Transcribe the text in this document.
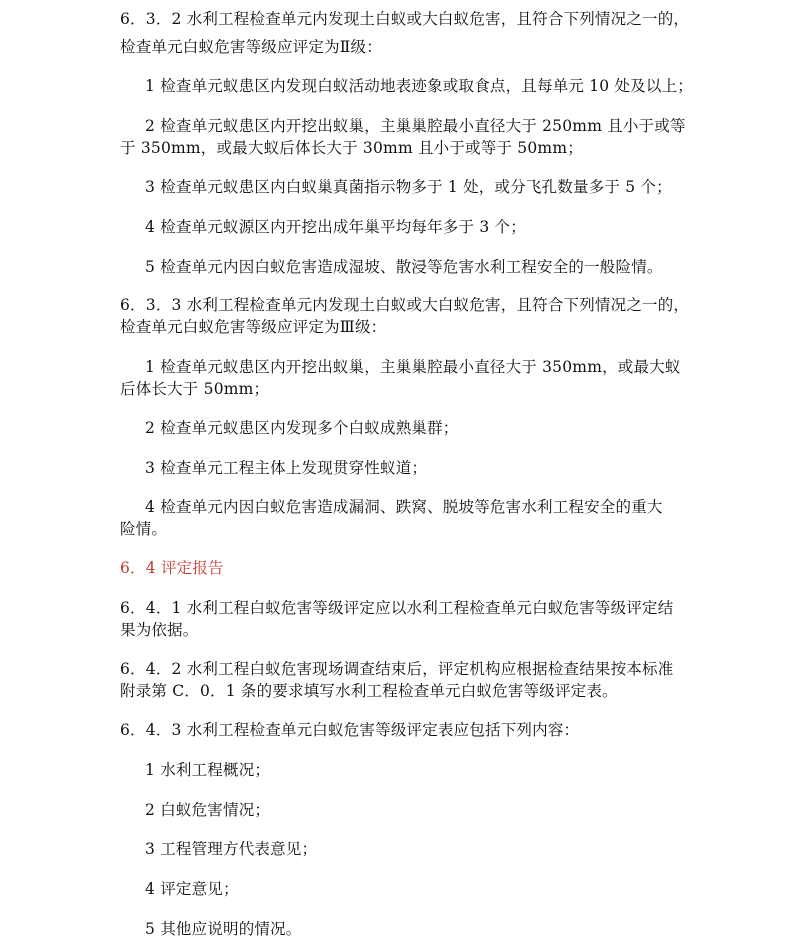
6．3．2 水利工程检查单元内发现土白蚁或大白蚁危害，且符合下列情况之一的，
检查单元白蚁危害等级应评定为Ⅱ级：
1 检查单元蚁患区内发现白蚁活动地表迹象或取食点，且每单元 10 处及以上；
2 检查单元蚁患区内开挖出蚁巢，主巢巢腔最小直径大于 250mm 且小于或等
于 350mm，或最大蚁后体长大于 30mm 且小于或等于 50mm；
3 检查单元蚁患区内白蚁巢真菌指示物多于 1 处，或分飞孔数量多于 5 个；
4 检查单元蚁源区内开挖出成年巢平均每年多于 3 个；
5 检查单元内因白蚁危害造成湿坡、散浸等危害水利工程安全的一般险情。
6．3．3 水利工程检查单元内发现土白蚁或大白蚁危害，且符合下列情况之一的，
检查单元白蚁危害等级应评定为Ⅲ级：
1 检查单元蚁患区内开挖出蚁巢，主巢巢腔最小直径大于 350mm，或最大蚁
后体长大于 50mm；
2 检查单元蚁患区内发现多个白蚁成熟巢群；
3 检查单元工程主体上发现贯穿性蚁道；
4 检查单元内因白蚁危害造成漏洞、跌窝、脱坡等危害水利工程安全的重大
险情。
6．4 评定报告
6．4．1 水利工程白蚁危害等级评定应以水利工程检查单元白蚁危害等级评定结
果为依据。
6．4．2 水利工程白蚁危害现场调查结束后，评定机构应根据检查结果按本标准
附录第 C．0．1 条的要求填写水利工程检查单元白蚁危害等级评定表。
6．4．3 水利工程检查单元白蚁危害等级评定表应包括下列内容：
1 水利工程概况；
2 白蚁危害情况；
3 工程管理方代表意见；
4 评定意见；
5 其他应说明的情况。
